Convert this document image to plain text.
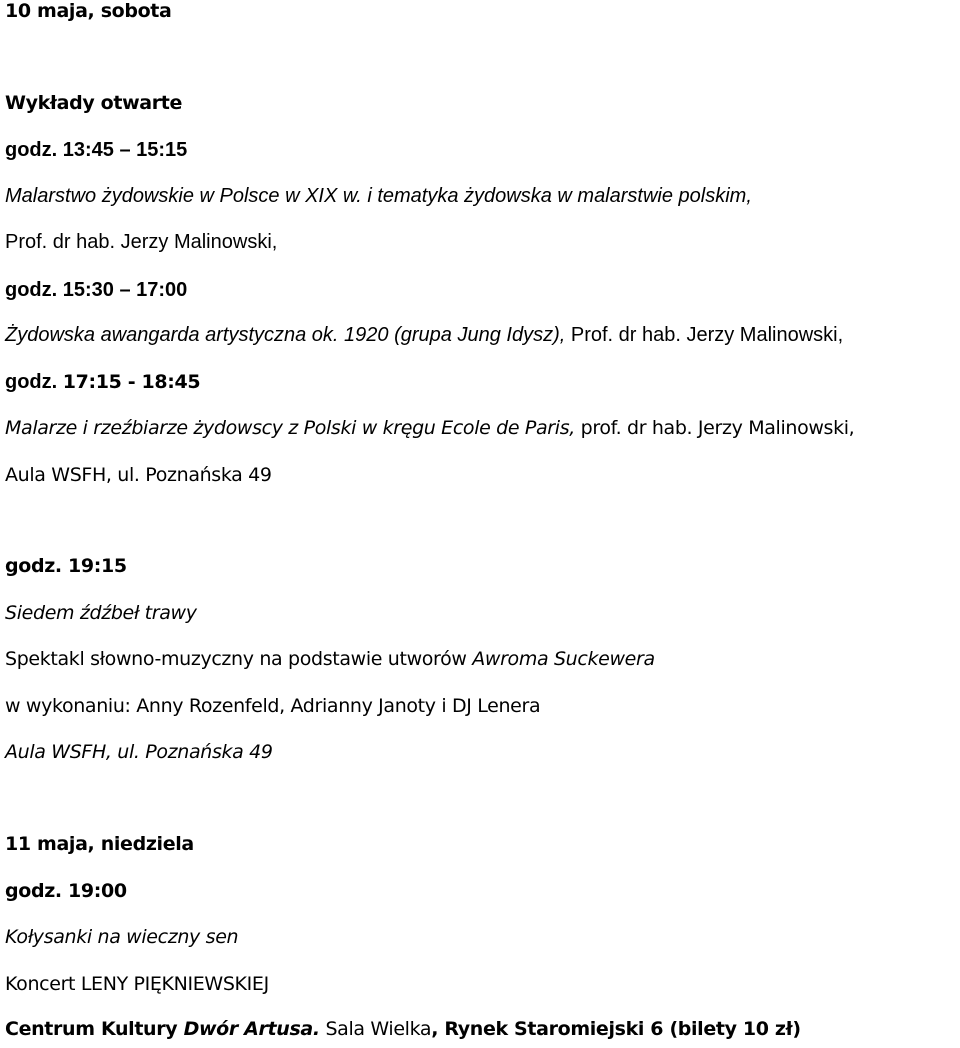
10 maja, sobota
Wykłady otwarte
godz. 13:45 – 15:15
Malarstwo żydowskie w Polsce w XIX w. i tematyka żydowska w malarstwie polskim,
Prof. dr hab. Jerzy Malinowski,
godz. 15:30 – 17:00
Żydowska awangarda artystyczna ok. 1920 (grupa Jung Idysz), Prof. dr hab. Jerzy Malinowski,
godz. 17:15 - 18:45
Malarze i rzeźbiarze żydowscy z Polski w kręgu Ecole de Paris, prof. dr hab. Jerzy Malinowski,
Aula WSFH, ul. Poznańska 49
godz. 19:15
Siedem źdźbeł trawy
Spektakl słowno-muzyczny na podstawie utworów Awroma Suckewera
w wykonaniu: Anny Rozenfeld, Adrianny Janoty i DJ Lenera
Aula WSFH, ul. Poznańska 49
11 maja, niedziela
godz. 19:00
Kołysanki na wieczny sen
Koncert LENY PIĘKNIEWSKIEJ
Centrum Kultury Dwór Artusa. Sala Wielka, Rynek Staromiejski 6 (bilety 10 zł)
